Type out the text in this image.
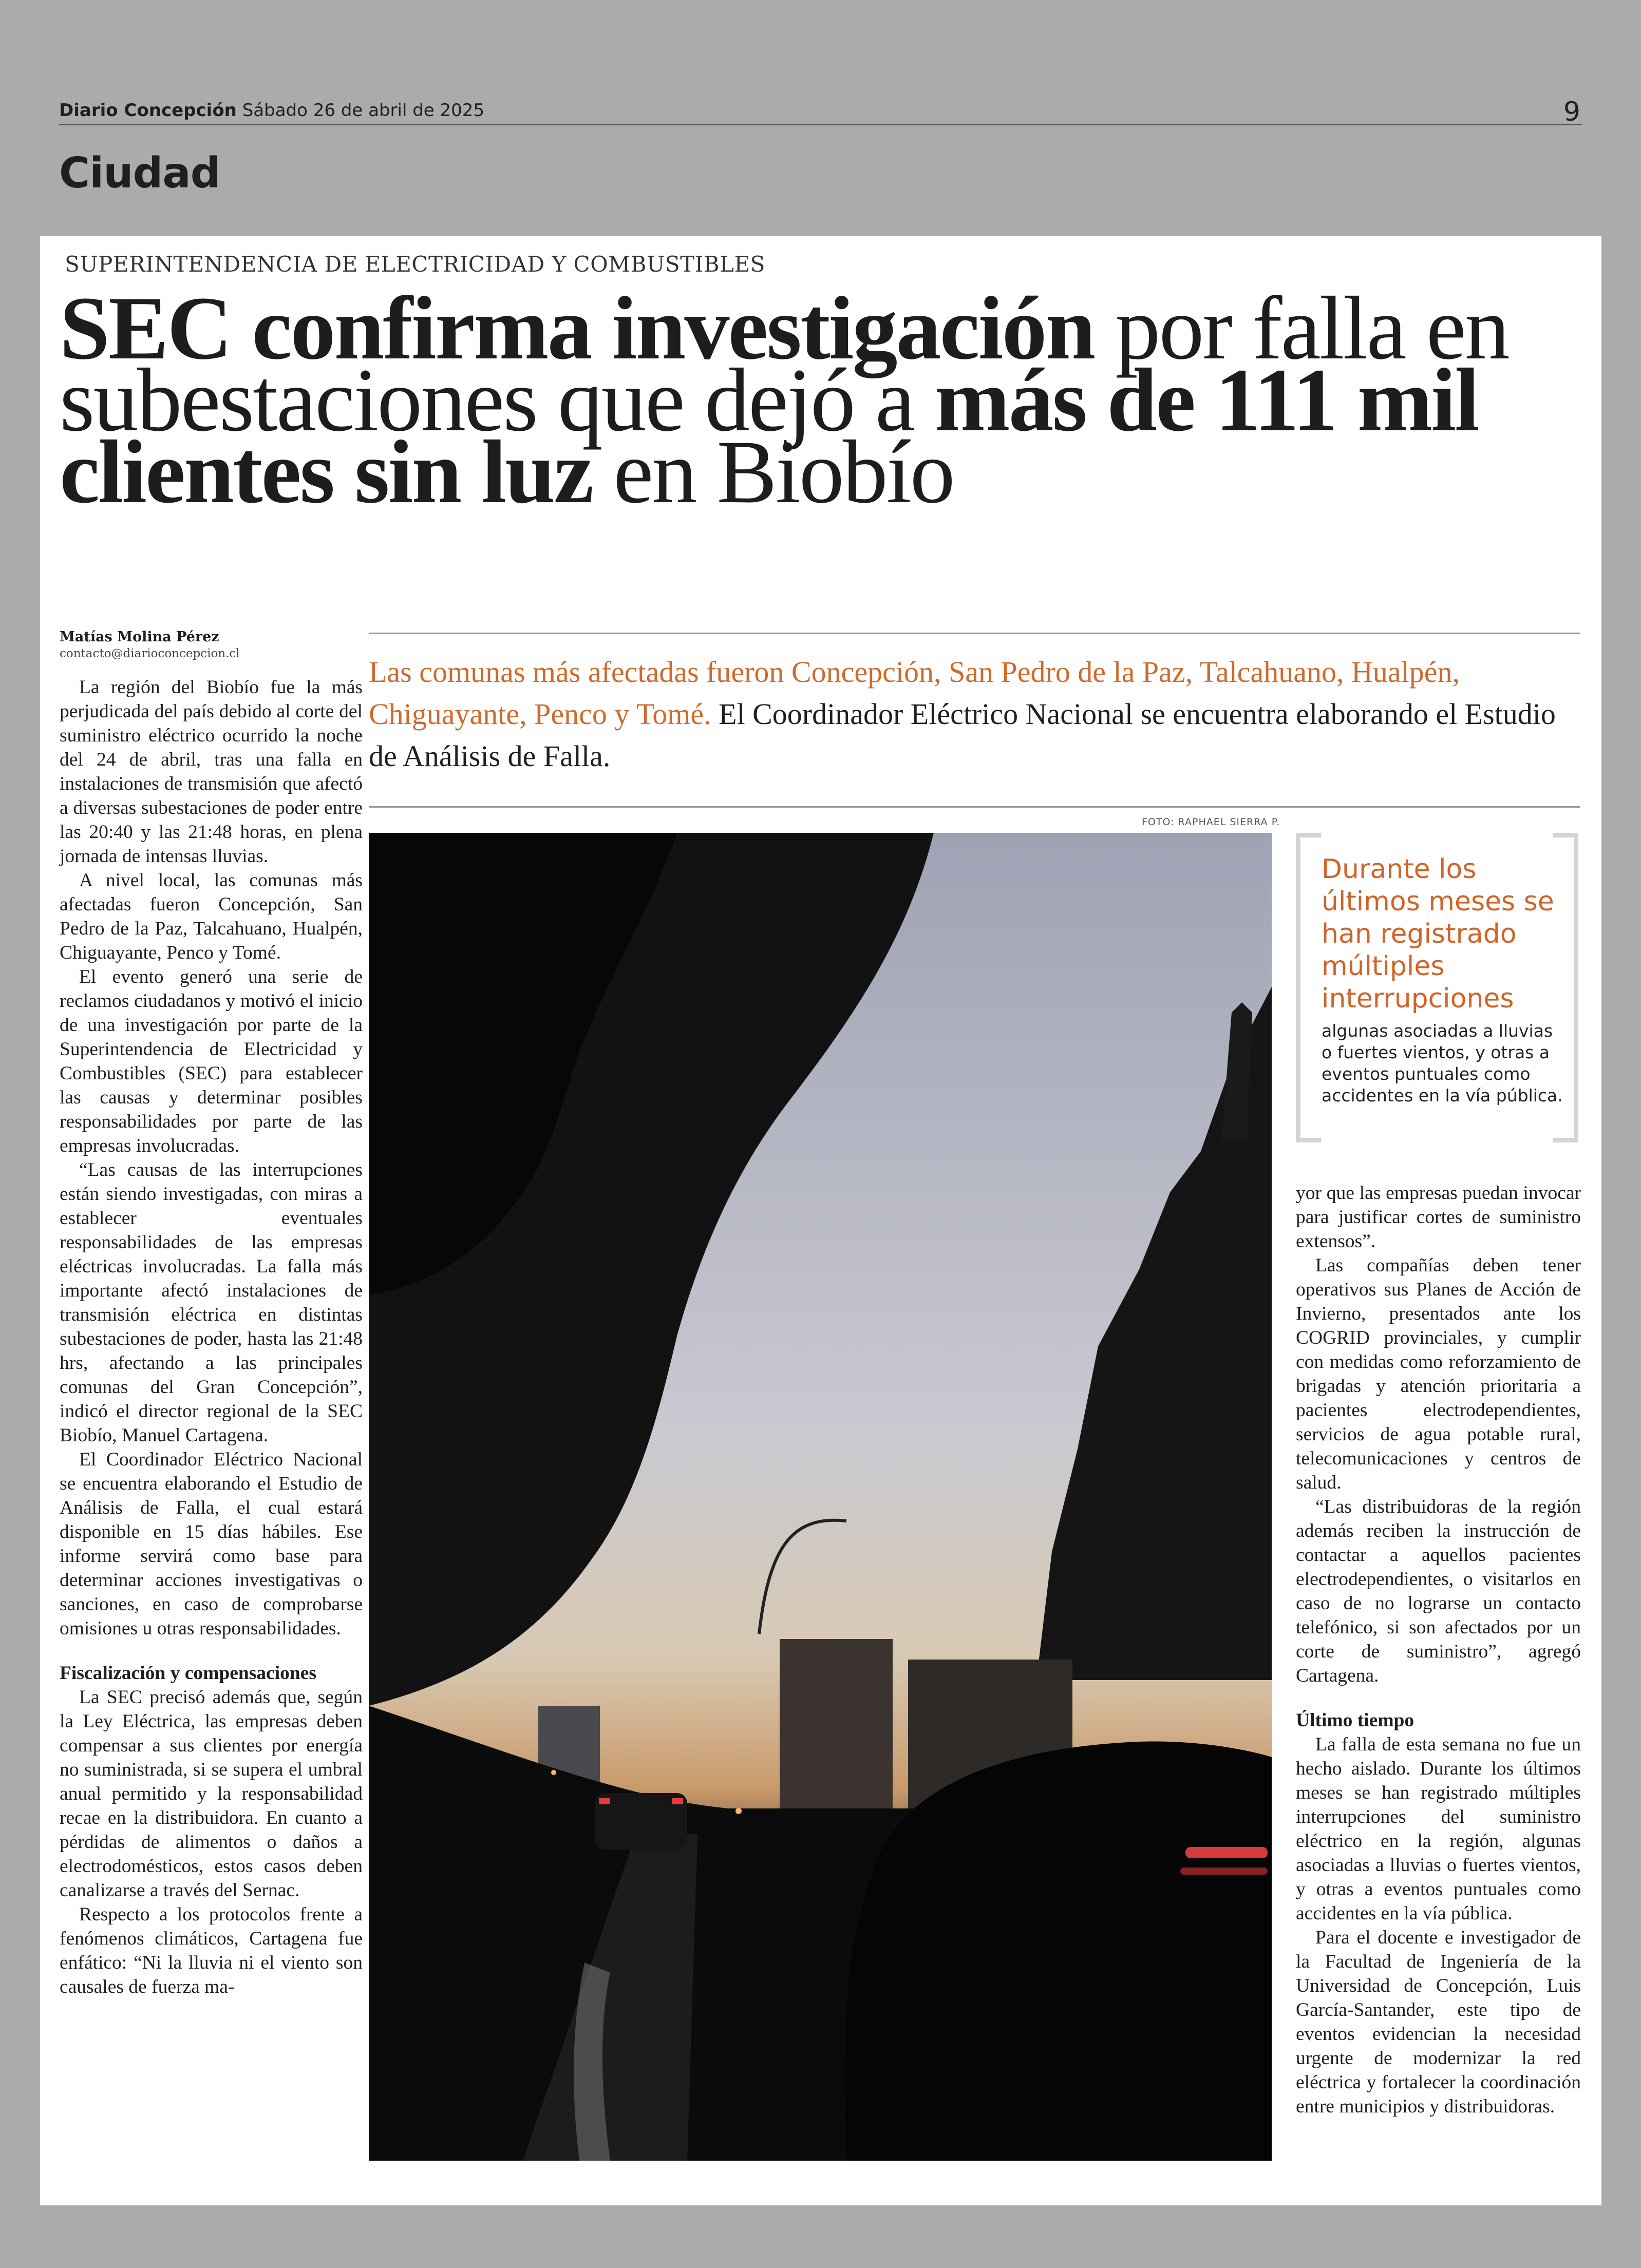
Diario Concepción Sábado 26 de abril de 2025	9
Ciudad
SUPERINTENDENCIA DE ELECTRICIDAD Y COMBUSTIBLES
SEC confirma investigación por falla en subestaciones que dejó a más de 111 mil clientes sin luz en Biobío
Matías Molina Pérez
contacto@diarioconcepcion.cl
Las comunas más afectadas fueron Concepción, San Pedro de la Paz, Talcahuano, Hualpén, Chiguayante, Penco y Tomé. El Coordinador Eléctrico Nacional se encuentra elaborando el Estudio de Análisis de Falla.
FOTO: RAPHAEL SIERRA P.
Durante los últimos meses se han registrado múltiples interrupciones
algunas asociadas a lluvias o fuertes vientos, y otras a eventos puntuales como accidentes en la vía pública.

La región del Biobío fue la más perjudicada del país debido al corte del suministro eléctrico ocurrido la noche del 24 de abril, tras una falla en instalaciones de transmisión que afectó a diversas subestaciones de poder entre las 20:40 y las 21:48 horas, en plena jornada de intensas lluvias.

A nivel local, las comunas más afectadas fueron Concepción, San Pedro de la Paz, Talcahuano, Hualpén, Chiguayante, Penco y Tomé.

El evento generó una serie de reclamos ciudadanos y motivó el inicio de una investigación por parte de la Superintendencia de Electricidad y Combustibles (SEC) para establecer las causas y determinar posibles responsabilidades por parte de las empresas involucradas.

“Las causas de las interrupciones están siendo investigadas, con miras a establecer eventuales responsabilidades de las empresas eléctricas involucradas. La falla más importante afectó instalaciones de transmisión eléctrica en distintas subestaciones de poder, hasta las 21:48 hrs, afectando a las principales comunas del Gran Concepción”, indicó el director regional de la SEC Biobío, Manuel Cartagena.

El Coordinador Eléctrico Nacional se encuentra elaborando el Estudio de Análisis de Falla, el cual estará disponible en 15 días hábiles. Ese informe servirá como base para determinar acciones investigativas o sanciones, en caso de comprobarse omisiones u otras responsabilidades.

Fiscalización y compensaciones

La SEC precisó además que, según la Ley Eléctrica, las empresas deben compensar a sus clientes por energía no suministrada, si se supera el umbral anual permitido y la responsabilidad recae en la distribuidora. En cuanto a pérdidas de alimentos o daños a electrodomésticos, estos casos deben canalizarse a través del Sernac.

Respecto a los protocolos frente a fenómenos climáticos, Cartagena fue enfático: “Ni la lluvia ni el viento son causales de fuerza ma-

yor que las empresas puedan invocar para justificar cortes de suministro extensos”.

Las compañías deben tener operativos sus Planes de Acción de Invierno, presentados ante los COGRID provinciales, y cumplir con medidas como reforzamiento de brigadas y atención prioritaria a pacientes electrodependientes, servicios de agua potable rural, telecomunicaciones y centros de salud.

“Las distribuidoras de la región además reciben la instrucción de contactar a aquellos pacientes electrodependientes, o visitarlos en caso de no lograrse un contacto telefónico, si son afectados por un corte de suministro”, agregó Cartagena.

Último tiempo

La falla de esta semana no fue un hecho aislado. Durante los últimos meses se han registrado múltiples interrupciones del suministro eléctrico en la región, algunas asociadas a lluvias o fuertes vientos, y otras a eventos puntuales como accidentes en la vía pública.

Para el docente e investigador de la Facultad de Ingeniería de la Universidad de Concepción, Luis García-Santander, este tipo de eventos evidencian la necesidad urgente de modernizar la red eléctrica y fortalecer la coordinación entre municipios y distribuidoras.
